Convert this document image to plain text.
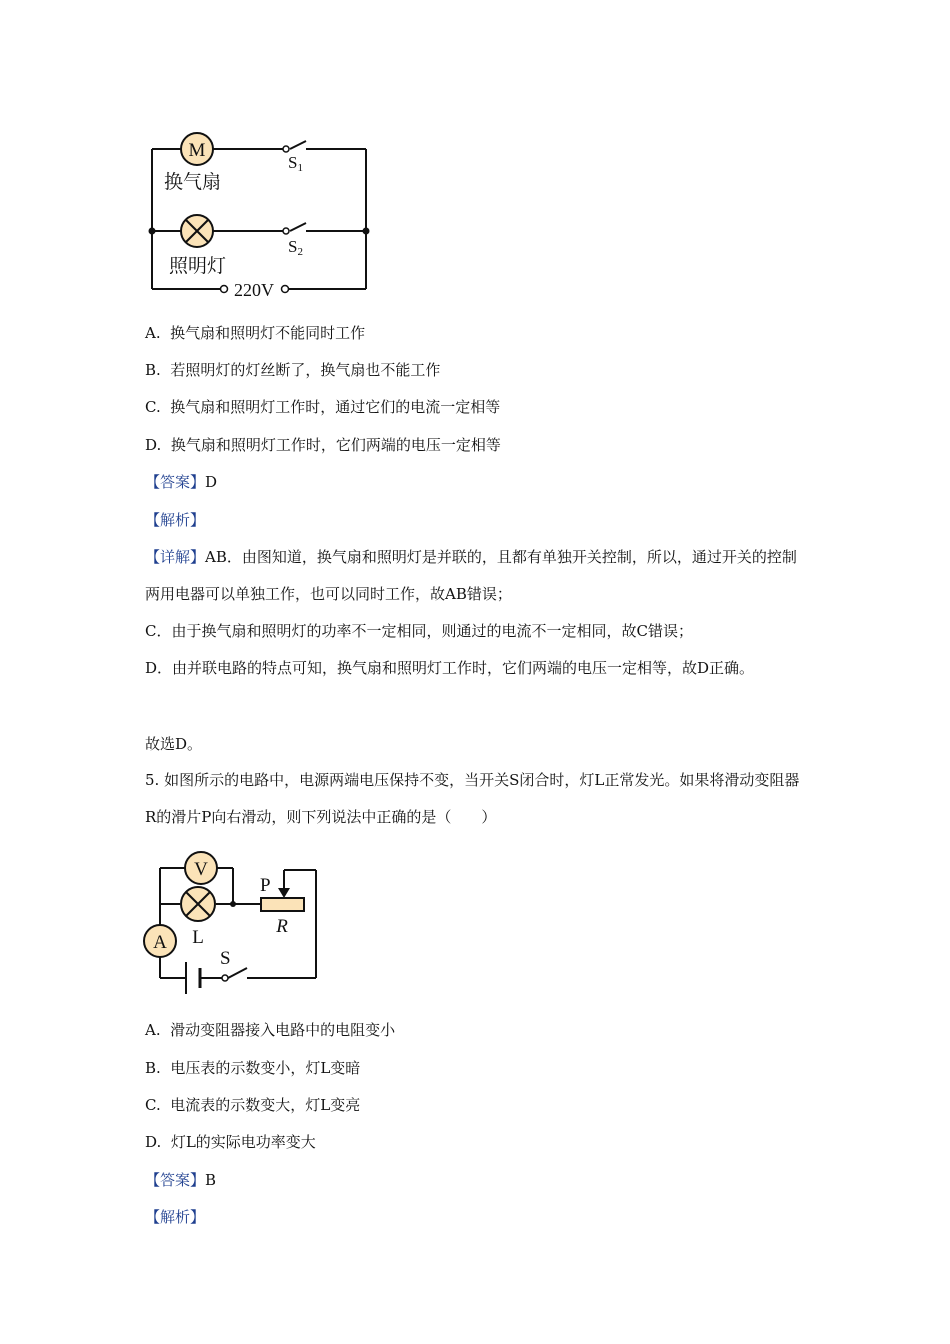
M
S1
S2
换气扇
照明灯
220V
A. 换气扇和照明灯不能同时工作
B. 若照明灯的灯丝断了，换气扇也不能工作
C. 换气扇和照明灯工作时，通过它们的电流一定相等
D. 换气扇和照明灯工作时，它们两端的电压一定相等
【答案】D
【解析】
【详解】AB．由图知道，换气扇和照明灯是并联的，且都有单独开关控制，所以，通过开关的控制两用电器可以单独工作，也可以同时工作，故AB错误；
C．由于换气扇和照明灯的功率不一定相同，则通过的电流不一定相同，故C错误；
D．由并联电路的特点可知，换气扇和照明灯工作时，它们两端的电压一定相等，故D正确。
故选D。
5. 如图所示的电路中，电源两端电压保持不变，当开关S闭合时，灯L正常发光。如果将滑动变阻器R的滑片P向右滑动，则下列说法中正确的是（　　）
V
A L
S
P
R
A. 滑动变阻器接入电路中的电阻变小
B. 电压表的示数变小，灯L变暗
C. 电流表的示数变大，灯L变亮
D. 灯L的实际电功率变大
【答案】B
【解析】
